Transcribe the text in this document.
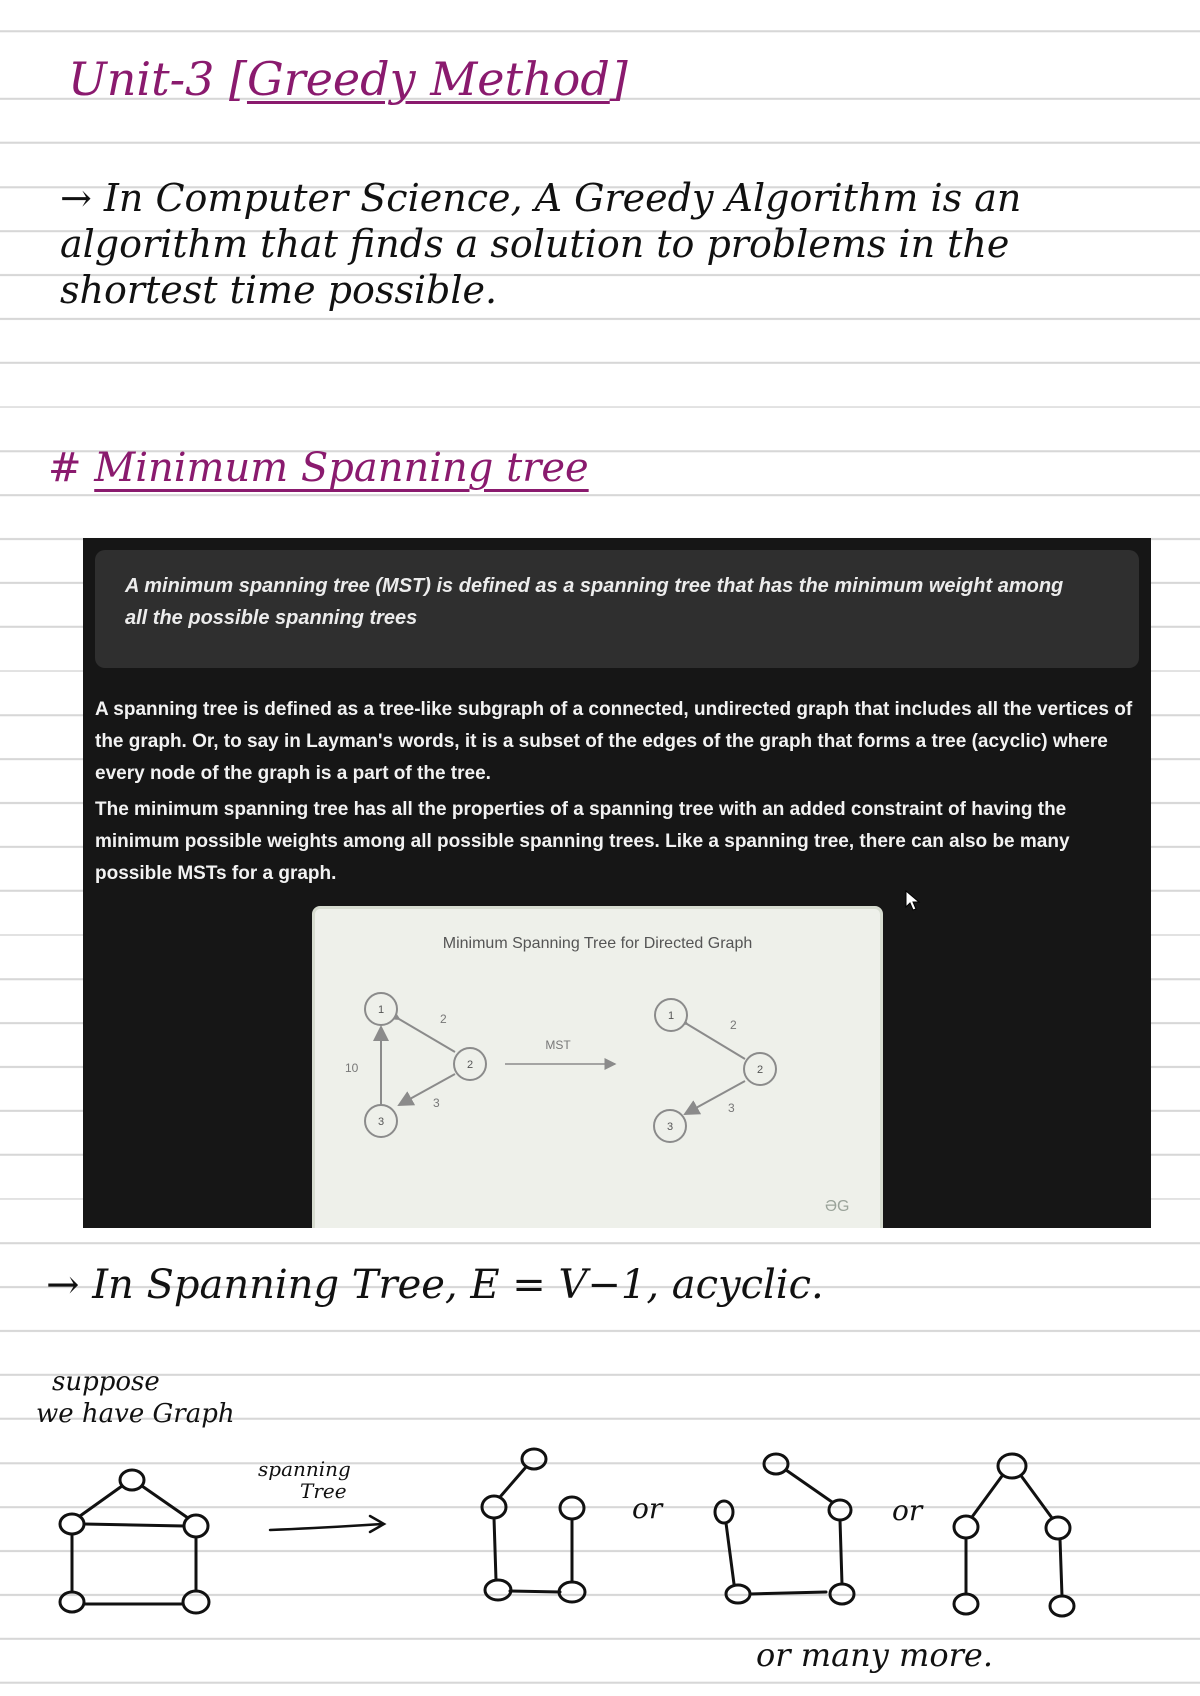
Unit-3 [Greedy Method]
→ In Computer Science, A Greedy Algorithm is an algorithm that finds a solution to problems in the shortest time possible.
# Minimum Spanning tree

A minimum spanning tree (MST) is defined as a spanning tree that has the minimum weight among all the possible spanning trees

A spanning tree is defined as a tree-like subgraph of a connected, undirected graph that includes all the vertices of the graph. Or, to say in Layman's words, it is a subset of the edges of the graph that forms a tree (acyclic) where every node of the graph is a part of the tree.

The minimum spanning tree has all the properties of a spanning tree with an added constraint of having the minimum possible weights among all possible spanning trees. Like a spanning tree, there can also be many possible MSTs for a graph.

Minimum Spanning Tree for Directed Graph
2
3
10
1
2
3
MST
2
3
1
2
3
ƏG
→ In Spanning Tree, E = V−1, acyclic.
suppose
we have Graph
spanning
Tree
or	or
or many more.
